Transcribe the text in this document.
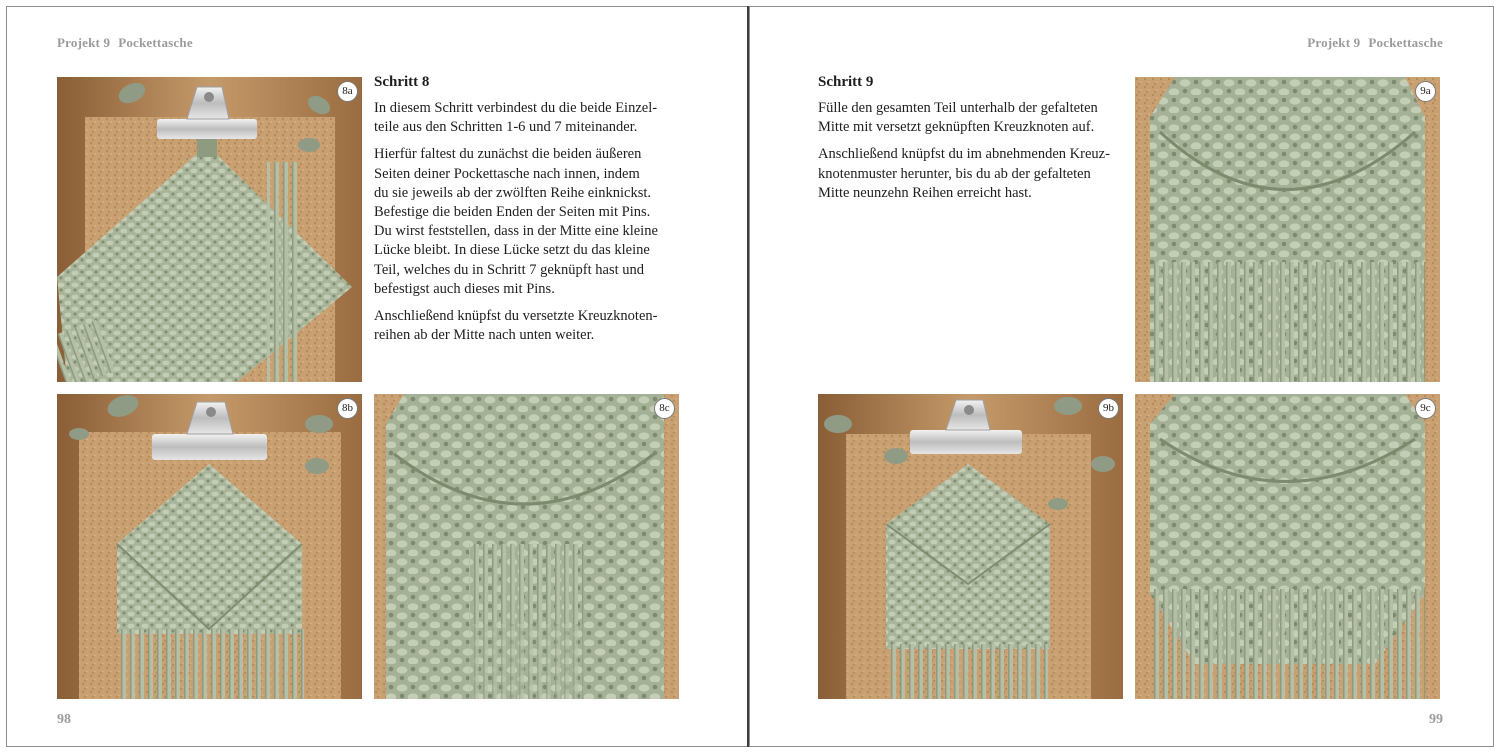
Projekt 9 Pockettasche
8a
Schritt 8

In diesem Schritt verbindest du die beide Einzel-
teile aus den Schritten 1-6 und 7 miteinander.

Hierfür faltest du zunächst die beiden äußeren
Seiten deiner Pockettasche nach innen, indem
du sie jeweils ab der zwölften Reihe einknickst.
Befestige die beiden Enden der Seiten mit Pins.
Du wirst feststellen, dass in der Mitte eine kleine
Lücke bleibt. In diese Lücke setzt du das kleine
Teil, welches du in Schritt 7 geknüpft hast und
befestigst auch dieses mit Pins.

Anschließend knüpfst du versetzte Kreuzknoten-
reihen ab der Mitte nach unten weiter.

8b	8c
98
Projekt 9 Pockettasche
Schritt 9

Fülle den gesamten Teil unterhalb der gefalteten
Mitte mit versetzt geknüpften Kreuzknoten auf.

Anschließend knüpfst du im abnehmenden Kreuz-
knotenmuster herunter, bis du ab der gefalteten
Mitte neunzehn Reihen erreicht hast.

9a
9b	9c
99
